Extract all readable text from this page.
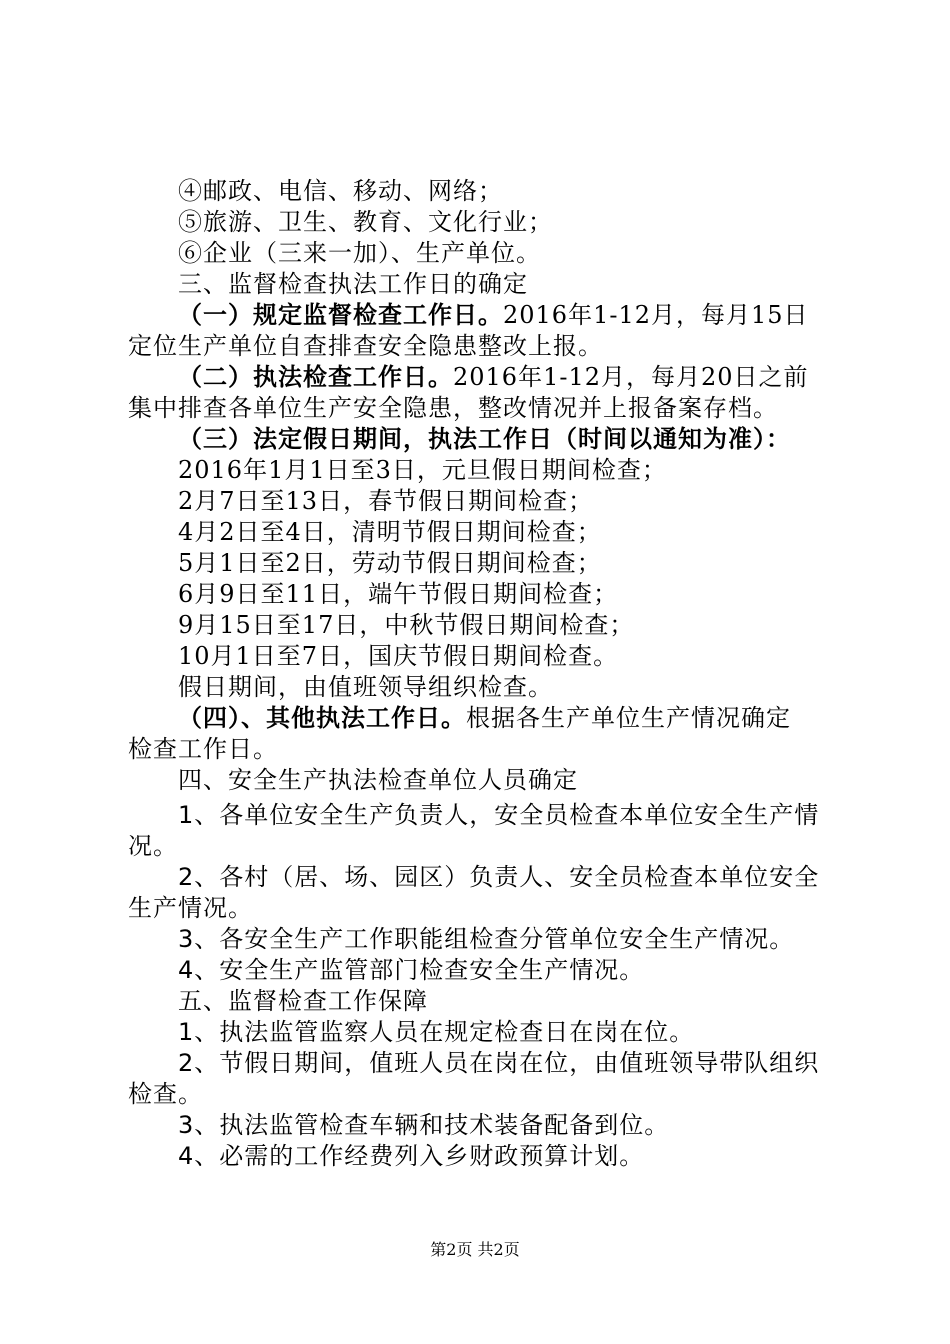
④邮政、电信、移动、网络；
⑤旅游、卫生、教育、文化行业；
⑥企业（三来一加）、生产单位。
三、监督检查执法工作日的确定
（一）规定监督检查工作日。2016年1-12月，每月15日
定位生产单位自查排查安全隐患整改上报。
（二）执法检查工作日。2016年1-12月，每月20日之前
集中排查各单位生产安全隐患，整改情况并上报备案存档。
（三）法定假日期间，执法工作日（时间以通知为准）：
2016年1月1日至3日，元旦假日期间检查；
2月7日至13日，春节假日期间检查；
4月2日至4日，清明节假日期间检查；
5月1日至2日，劳动节假日期间检查；
6月9日至11日，端午节假日期间检查；
9月15日至17日，中秋节假日期间检查；
10月1日至7日，国庆节假日期间检查。
假日期间，由值班领导组织检查。
（四）、其他执法工作日。根据各生产单位生产情况确定
检查工作日。
四、安全生产执法检查单位人员确定
1、各单位安全生产负责人，安全员检查本单位安全生产情
况。
2、各村（居、场、园区）负责人、安全员检查本单位安全
生产情况。
3、各安全生产工作职能组检查分管单位安全生产情况。
4、安全生产监管部门检查安全生产情况。
五、监督检查工作保障
1、执法监管监察人员在规定检查日在岗在位。
2、节假日期间，值班人员在岗在位，由值班领导带队组织
检查。
3、执法监管检查车辆和技术装备配备到位。
4、必需的工作经费列入乡财政预算计划。
第2页 共2页
